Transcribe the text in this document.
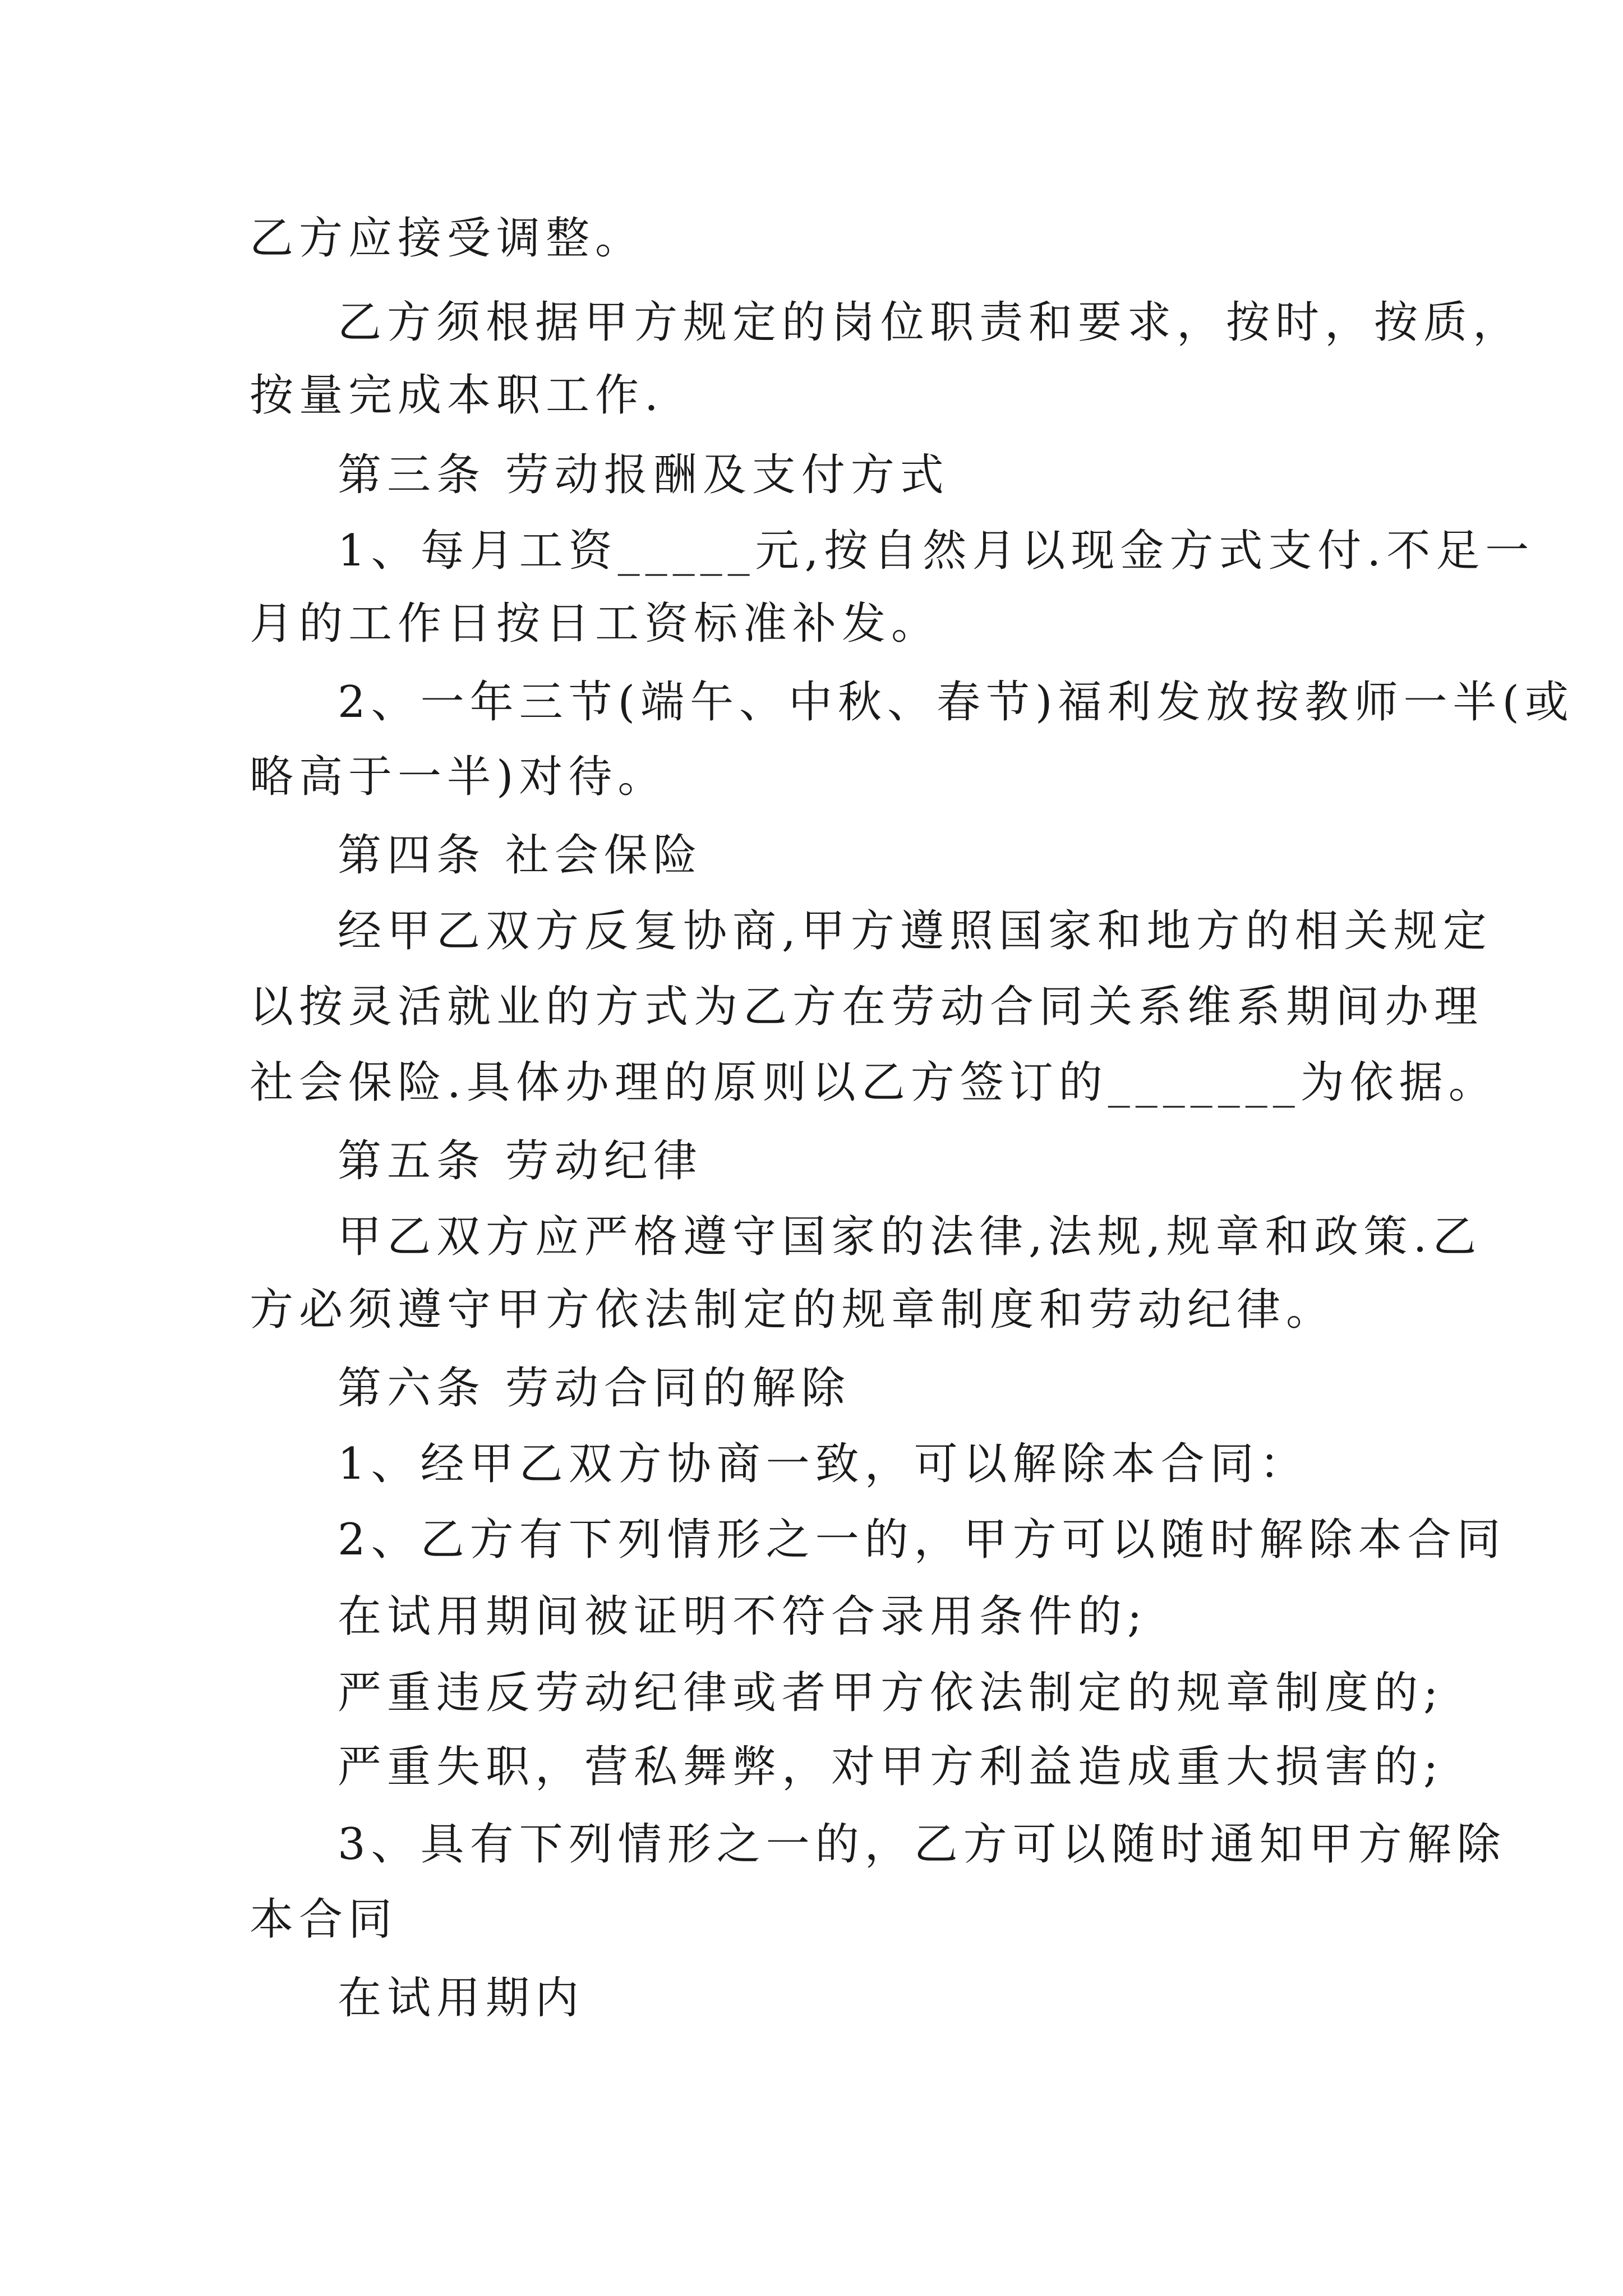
乙方应接受调整。

乙方须根据甲方规定的岗位职责和要求，按时，按质，

按量完成本职工作.

第三条 劳动报酬及支付方式

1、每月工资_____元,按自然月以现金方式支付.不足一

月的工作日按日工资标准补发。

2、一年三节(端午、中秋、春节)福利发放按教师一半(或

略高于一半)对待。

第四条 社会保险

经甲乙双方反复协商,甲方遵照国家和地方的相关规定

以按灵活就业的方式为乙方在劳动合同关系维系期间办理

社会保险.具体办理的原则以乙方签订的_______为依据。

第五条 劳动纪律

甲乙双方应严格遵守国家的法律,法规,规章和政策.乙

方必须遵守甲方依法制定的规章制度和劳动纪律。

第六条 劳动合同的解除

1、经甲乙双方协商一致，可以解除本合同：

2、乙方有下列情形之一的，甲方可以随时解除本合同

在试用期间被证明不符合录用条件的;

严重违反劳动纪律或者甲方依法制定的规章制度的;

严重失职，营私舞弊，对甲方利益造成重大损害的;

3、具有下列情形之一的，乙方可以随时通知甲方解除

本合同

在试用期内
